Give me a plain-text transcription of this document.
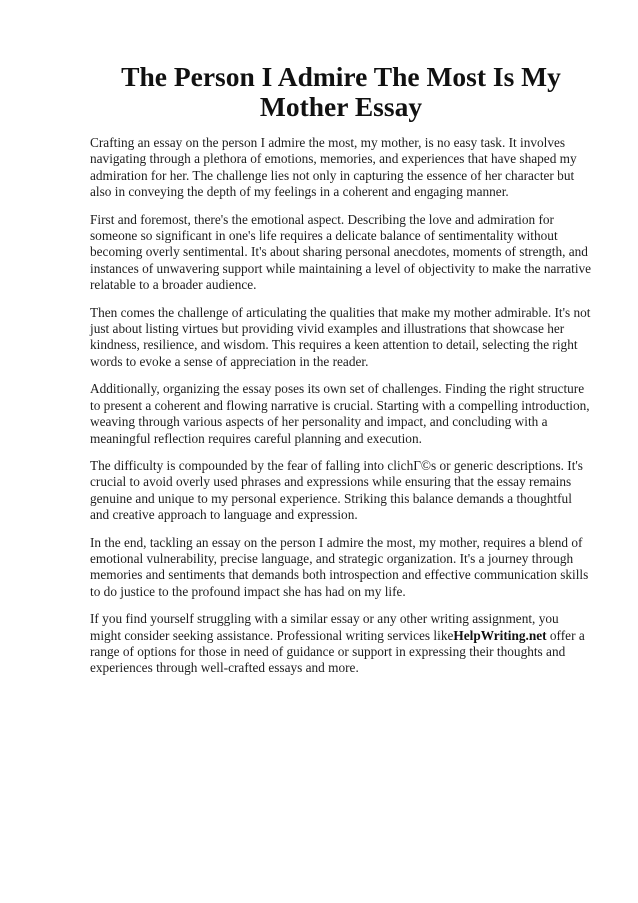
The Person I Admire The Most Is My Mother Essay

Crafting an essay on the person I admire the most, my mother, is no easy task. It involves navigating through a plethora of emotions, memories, and experiences that have shaped my admiration for her. The challenge lies not only in capturing the essence of her character but also in conveying the depth of my feelings in a coherent and engaging manner.

First and foremost, there's the emotional aspect. Describing the love and admiration for someone so significant in one's life requires a delicate balance of sentimentality without becoming overly sentimental. It's about sharing personal anecdotes, moments of strength, and instances of unwavering support while maintaining a level of objectivity to make the narrative relatable to a broader audience.

Then comes the challenge of articulating the qualities that make my mother admirable. It's not just about listing virtues but providing vivid examples and illustrations that showcase her kindness, resilience, and wisdom. This requires a keen attention to detail, selecting the right words to evoke a sense of appreciation in the reader.

Additionally, organizing the essay poses its own set of challenges. Finding the right structure to present a coherent and flowing narrative is crucial. Starting with a compelling introduction, weaving through various aspects of her personality and impact, and concluding with a meaningful reflection requires careful planning and execution.

The difficulty is compounded by the fear of falling into clichГ©s or generic descriptions. It's crucial to avoid overly used phrases and expressions while ensuring that the essay remains genuine and unique to my personal experience. Striking this balance demands a thoughtful and creative approach to language and expression.

In the end, tackling an essay on the person I admire the most, my mother, requires a blend of emotional vulnerability, precise language, and strategic organization. It's a journey through memories and sentiments that demands both introspection and effective communication skills to do justice to the profound impact she has had on my life.

If you find yourself struggling with a similar essay or any other writing assignment, you might consider seeking assistance. Professional writing services likeHelpWriting.net offer a range of options for those in need of guidance or support in expressing their thoughts and experiences through well-crafted essays and more.
